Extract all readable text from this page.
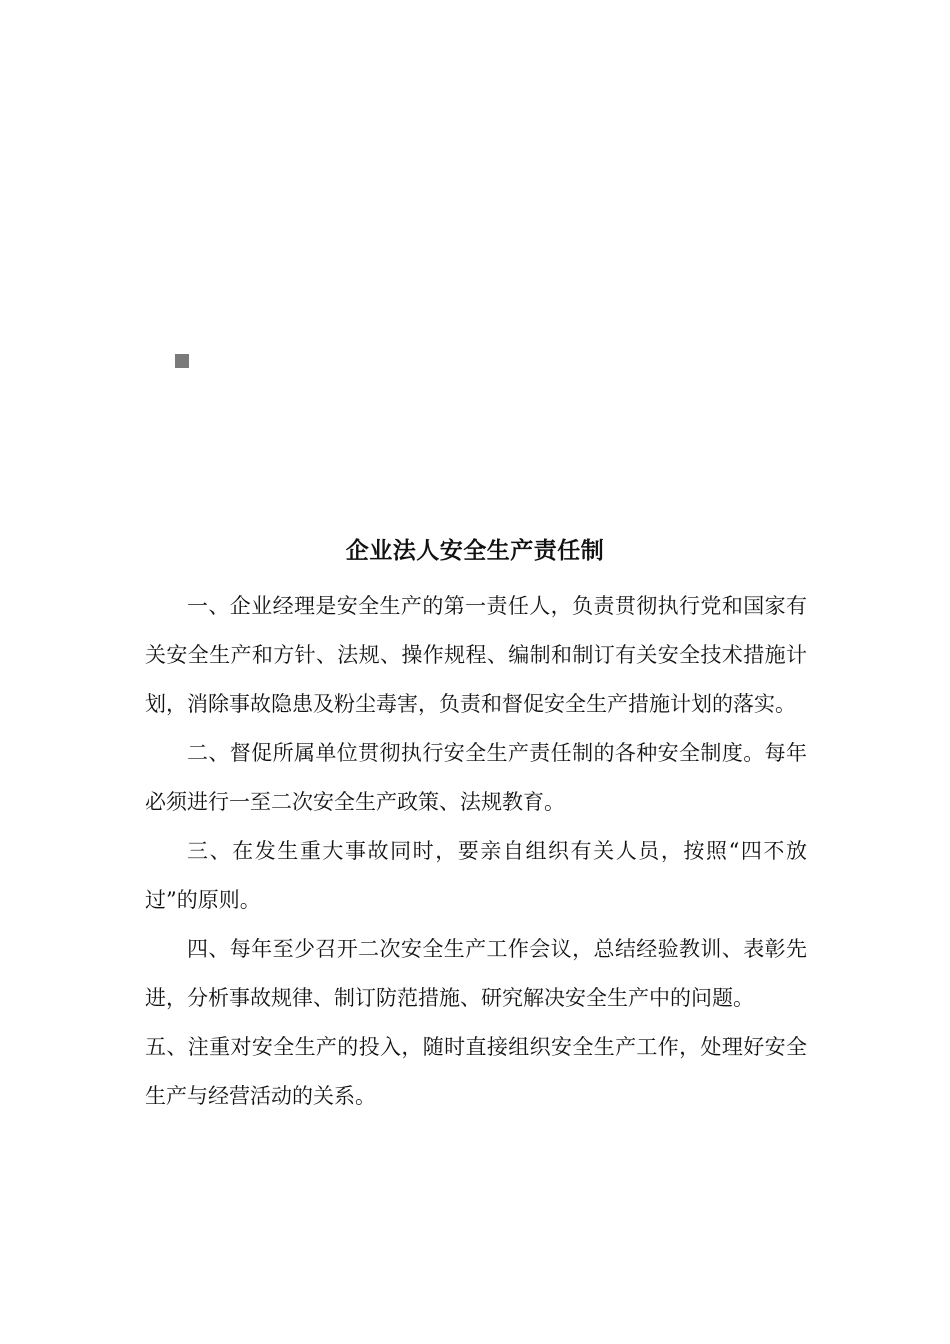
企业法人安全生产责任制

一、企业经理是安全生产的第一责任人，负责贯彻执行党和国家有关安全生产和方针、法规、操作规程、编制和制订有关安全技术措施计划，消除事故隐患及粉尘毒害，负责和督促安全生产措施计划的落实。

二、督促所属单位贯彻执行安全生产责任制的各种安全制度。每年必须进行一至二次安全生产政策、法规教育。

三、在发生重大事故同时，要亲自组织有关人员，按照“四不放过”的原则。

四、每年至少召开二次安全生产工作会议，总结经验教训、表彰先进，分析事故规律、制订防范措施、研究解决安全生产中的问题。

五、注重对安全生产的投入，随时直接组织安全生产工作，处理好安全生产与经营活动的关系。
